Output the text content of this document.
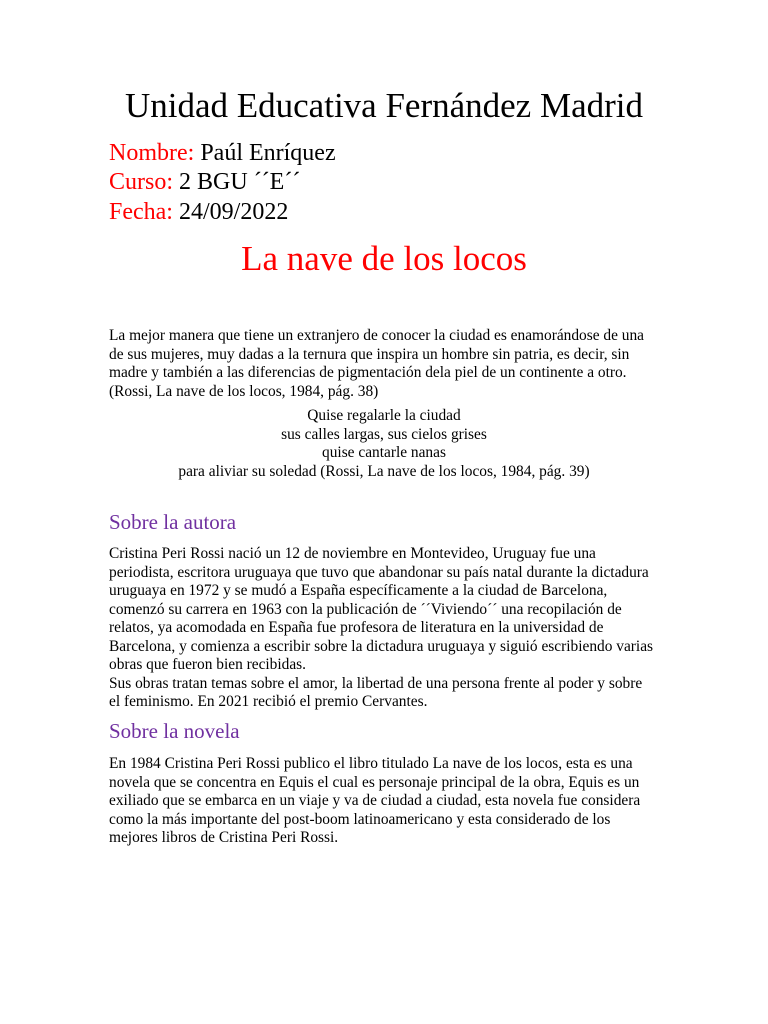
Unidad Educativa Fernández Madrid

Nombre: Paúl Enríquez

Curso: 2 BGU ´´E´´

Fecha: 24/09/2022

La nave de los locos

La mejor manera que tiene un extranjero de conocer la ciudad es enamorándose de una
de sus mujeres, muy dadas a la ternura que inspira un hombre sin patria, es decir, sin
madre y también a las diferencias de pigmentación dela piel de un continente a otro.
(Rossi, La nave de los locos, 1984, pág. 38)

Quise regalarle la ciudad
sus calles largas, sus cielos grises
quise cantarle nanas
para aliviar su soledad (Rossi, La nave de los locos, 1984, pág. 39)

Sobre la autora

Cristina Peri Rossi nació un 12 de noviembre en Montevideo, Uruguay fue una
periodista, escritora uruguaya que tuvo que abandonar su país natal durante la dictadura
uruguaya en 1972 y se mudó a España específicamente a la ciudad de Barcelona,
comenzó su carrera en 1963 con la publicación de ´´Viviendo´´ una recopilación de
relatos, ya acomodada en España fue profesora de literatura en la universidad de
Barcelona, y comienza a escribir sobre la dictadura uruguaya y siguió escribiendo varias
obras que fueron bien recibidas.
Sus obras tratan temas sobre el amor, la libertad de una persona frente al poder y sobre
el feminismo. En 2021 recibió el premio Cervantes.

Sobre la novela

En 1984 Cristina Peri Rossi publico el libro titulado La nave de los locos, esta es una
novela que se concentra en Equis el cual es personaje principal de la obra, Equis es un
exiliado que se embarca en un viaje y va de ciudad a ciudad, esta novela fue considera
como la más importante del post-boom latinoamericano y esta considerado de los
mejores libros de Cristina Peri Rossi.
